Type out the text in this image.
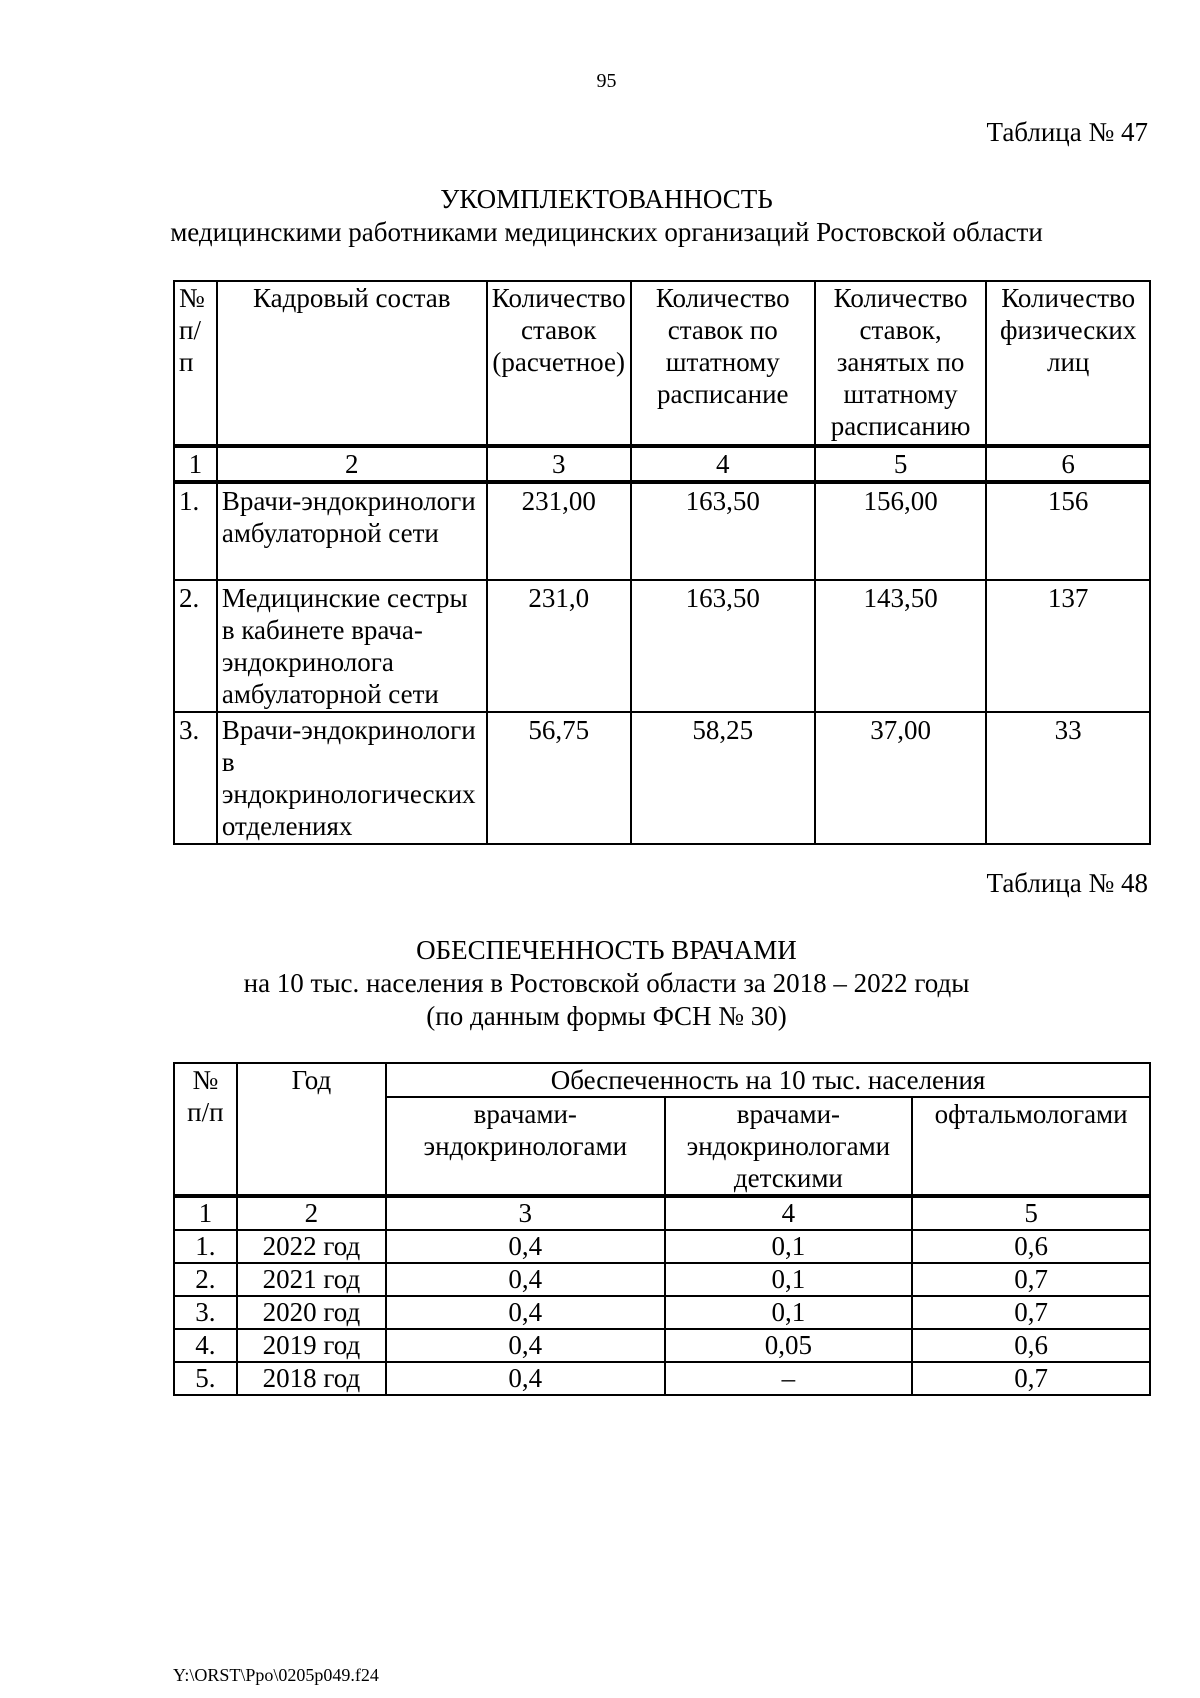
95
Таблица № 47
УКОМПЛЕКТОВАННОСТЬ
медицинскими работниками медицинских организаций Ростовской области
№ п/п	Кадровый состав	Количество ставок (расчетное)	Количество ставок по штатному расписание	Количество ставок, занятых по штатному расписанию	Количество физических лиц
1	2	3	4	5	6
1.	Врачи-эндокринологи амбулаторной сети	231,00	163,50	156,00	156
2.	Медицинские сестры в кабинете врача-эндокринолога амбулаторной сети	231,0	163,50	143,50	137
3.	Врачи-эндокринологи в эндокринологических отделениях	56,75	58,25	37,00	33
Таблица № 48
ОБЕСПЕЧЕННОСТЬ ВРАЧАМИ
на 10 тыс. населения в Ростовской области за 2018 – 2022 годы
(по данным формы ФСН № 30)
№ п/п	Год	Обеспеченность на 10 тыс. населения		
		врачами-эндокринологами	врачами-эндокринологами детскими	офтальмологами
1	2	3	4	5
1.	2022 год	0,4	0,1	0,6
2.	2021 год	0,4	0,1	0,7
3.	2020 год	0,4	0,1	0,7
4.	2019 год	0,4	0,05	0,6
5.	2018 год	0,4	–	0,7
Y:\ORST\Ppo\0205p049.f24
